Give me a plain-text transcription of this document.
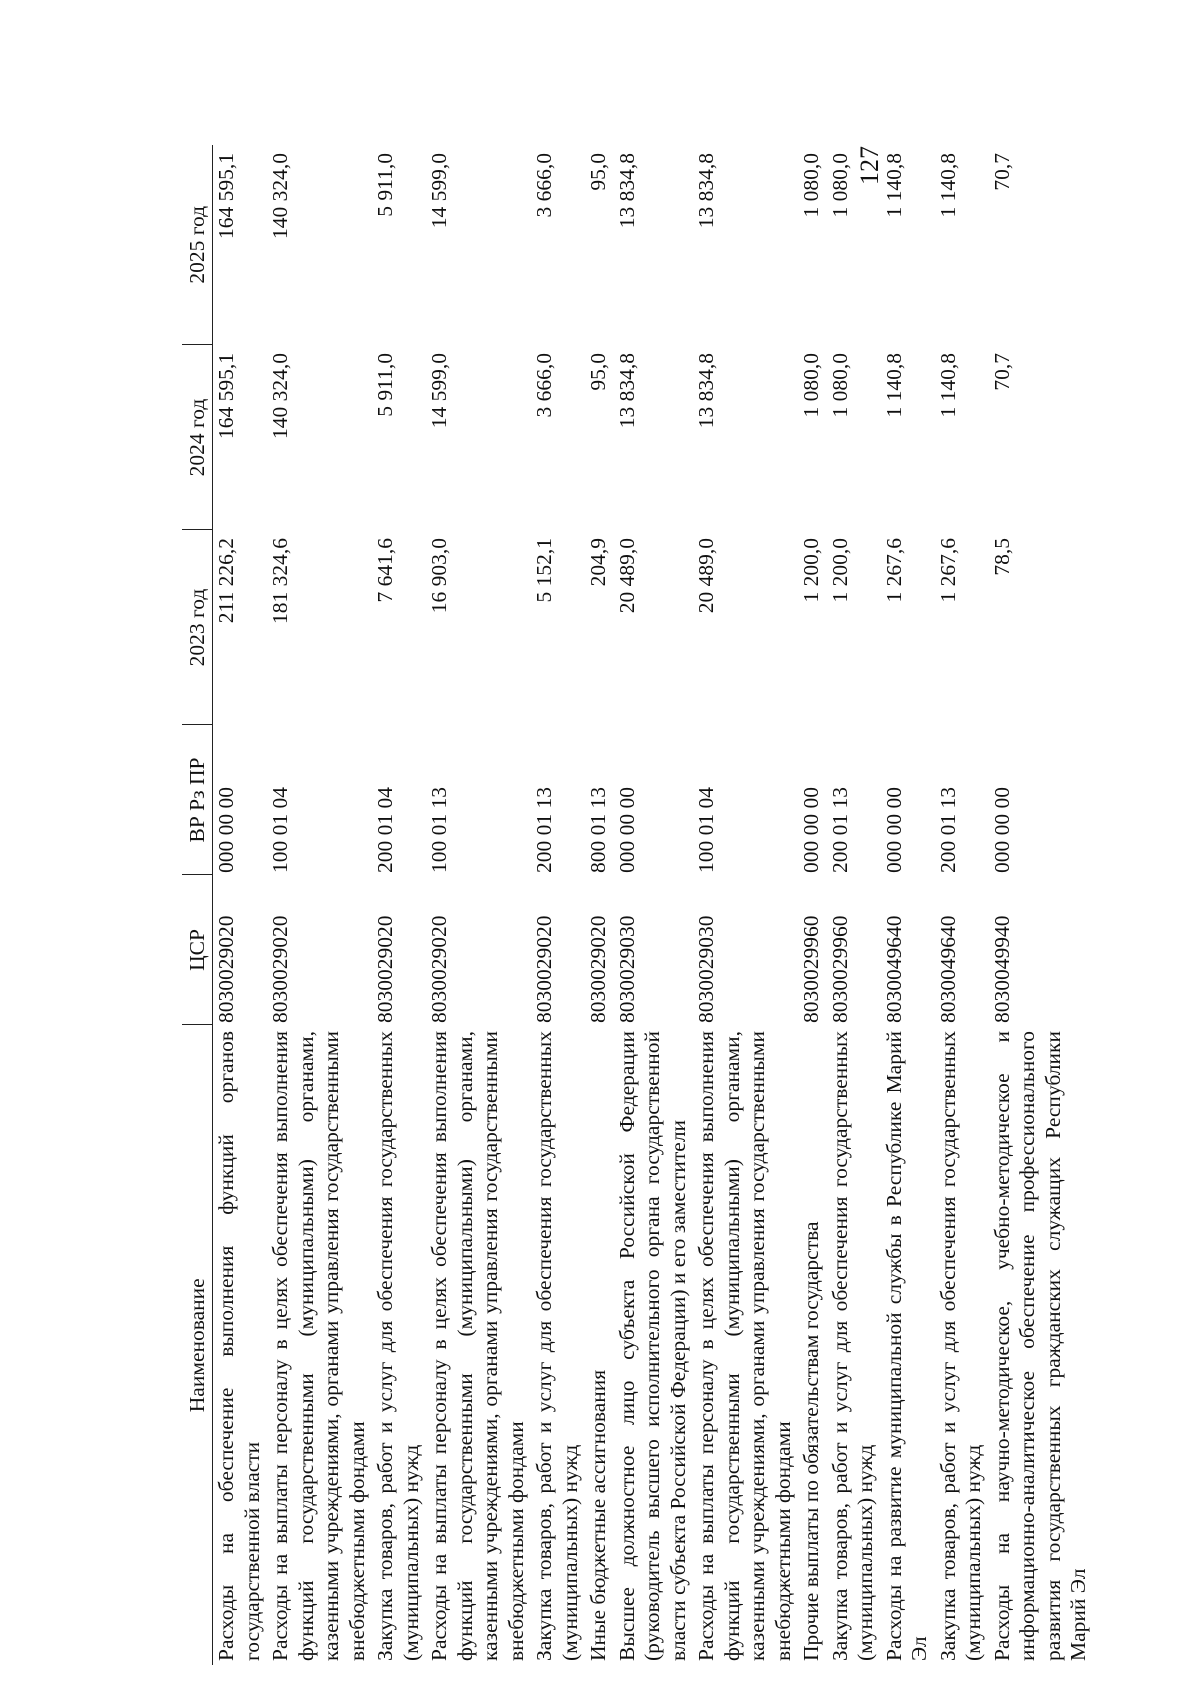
127
Наименование	ЦСР	ВР Рз ПР	2023 год	2024 год	2025 год
Расходы на обеспечение выполнения функций органов государственной власти	8030029020	000 00 00	211 226,2	164 595,1	164 595,1
Расходы на выплаты персоналу в целях обеспечения выполнения функций государственными (муниципальными) органами, казенными учреждениями, органами управления государственными внебюджетными фондами	8030029020	100 01 04	181 324,6	140 324,0	140 324,0
Закупка товаров, работ и услуг для обеспечения государственных (муниципальных) нужд	8030029020	200 01 04	7 641,6	5 911,0	5 911,0
Расходы на выплаты персоналу в целях обеспечения выполнения функций государственными (муниципальными) органами, казенными учреждениями, органами управления государственными внебюджетными фондами	8030029020	100 01 13	16 903,0	14 599,0	14 599,0
Закупка товаров, работ и услуг для обеспечения государственных (муниципальных) нужд	8030029020	200 01 13	5 152,1	3 666,0	3 666,0
Иные бюджетные ассигнования	8030029020	800 01 13	204,9	95,0	95,0
Высшее должностное лицо субъекта Российской Федерации (руководитель высшего исполнительного органа государственной власти субъекта Российской Федерации) и его заместители	8030029030	000 00 00	20 489,0	13 834,8	13 834,8
Расходы на выплаты персоналу в целях обеспечения выполнения функций государственными (муниципальными) органами, казенными учреждениями, органами управления государственными внебюджетными фондами	8030029030	100 01 04	20 489,0	13 834,8	13 834,8
Прочие выплаты по обязательствам государства	8030029960	000 00 00	1 200,0	1 080,0	1 080,0
Закупка товаров, работ и услуг для обеспечения государственных (муниципальных) нужд	8030029960	200 01 13	1 200,0	1 080,0	1 080,0
Расходы на развитие муниципальной службы в Республике Марий Эл	8030049640	000 00 00	1 267,6	1 140,8	1 140,8
Закупка товаров, работ и услуг для обеспечения государственных (муниципальных) нужд	8030049640	200 01 13	1 267,6	1 140,8	1 140,8
Расходы на научно-методическое, учебно-методическое и информационно-аналитическое обеспечение профессионального развития государственных гражданских служащих Республики Марий Эл	8030049940	000 00 00	78,5	70,7	70,7
